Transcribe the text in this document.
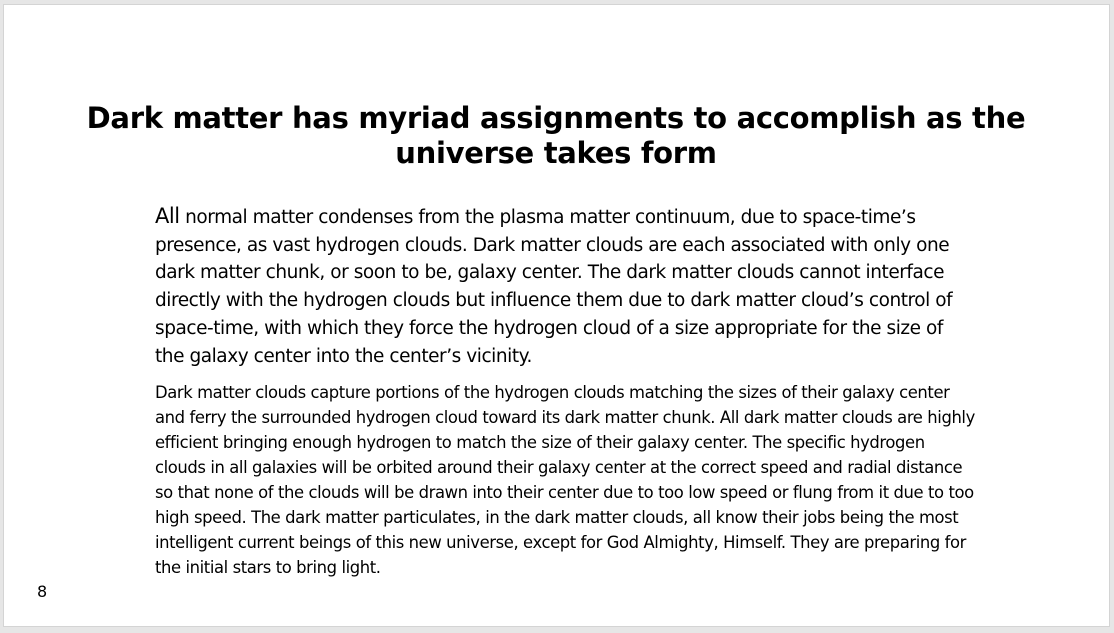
Dark matter has myriad assignments to accomplish as the universe takes form

All normal matter condenses from the plasma matter continuum, due to space-time’s presence, as vast hydrogen clouds. Dark matter clouds are each associated with only one dark matter chunk, or soon to be, galaxy center. The dark matter clouds cannot interface directly with the hydrogen clouds but influence them due to dark matter cloud’s control of space-time, with which they force the hydrogen cloud of a size appropriate for the size of the galaxy center into the center’s vicinity.

Dark matter clouds capture portions of the hydrogen clouds matching the sizes of their galaxy center and ferry the surrounded hydrogen cloud toward its dark matter chunk. All dark matter clouds are highly efficient bringing enough hydrogen to match the size of their galaxy center. The specific hydrogen clouds in all galaxies will be orbited around their galaxy center at the correct speed and radial distance so that none of the clouds will be drawn into their center due to too low speed or flung from it due to too high speed. The dark matter particulates, in the dark matter clouds, all know their jobs being the most intelligent current beings of this new universe, except for God Almighty, Himself. They are preparing for the initial stars to bring light.

8
